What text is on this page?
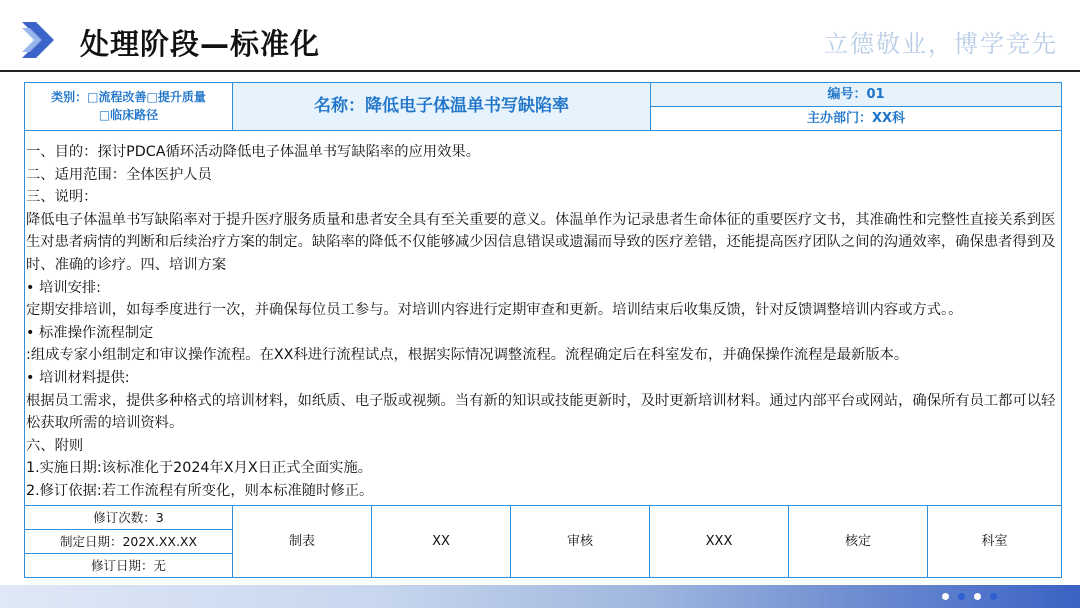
处理阶段—标准化	立德敬业，博学竞先
类别：□流程改善□提升质量
□临床路径	名称：降低电子体温单书写缺陷率
编号：01
主办部门：XX科

一、目的：探讨PDCA循环活动降低电子体温单书写缺陷率的应用效果。

二、适用范围：全体医护人员

三、说明：

降低电子体温单书写缺陷率对于提升医疗服务质量和患者安全具有至关重要的意义。体温单作为记录患者生命体征的重要医疗文书，其准确性和完整性直接关系到医生对患者病情的判断和后续治疗方案的制定。缺陷率的降低不仅能够减少因信息错误或遗漏而导致的医疗差错，还能提高医疗团队之间的沟通效率，确保患者得到及时、准确的诊疗。四、培训方案

• 培训安排:

定期安排培训，如每季度进行一次，并确保每位员工参与。对培训内容进行定期审查和更新。培训结束后收集反馈，针对反馈调整培训内容或方式。。

• 标准操作流程制定

:组成专家小组制定和审议操作流程。在XX科进行流程试点，根据实际情况调整流程。流程确定后在科室发布，并确保操作流程是最新版本。

• 培训材料提供:

根据员工需求，提供多种格式的培训材料，如纸质、电子版或视频。当有新的知识或技能更新时，及时更新培训材料。通过内部平台或网站，确保所有员工都可以轻松获取所需的培训资料。

六、附则

1.实施日期:该标准化于2024年X月X日正式全面实施。

2.修订依据:若工作流程有所变化，则本标准随时修正。

修订次数：3
制定日期：202X.XX.XX
修订日期：无
制表	XX	审核	XXX	核定	科室
